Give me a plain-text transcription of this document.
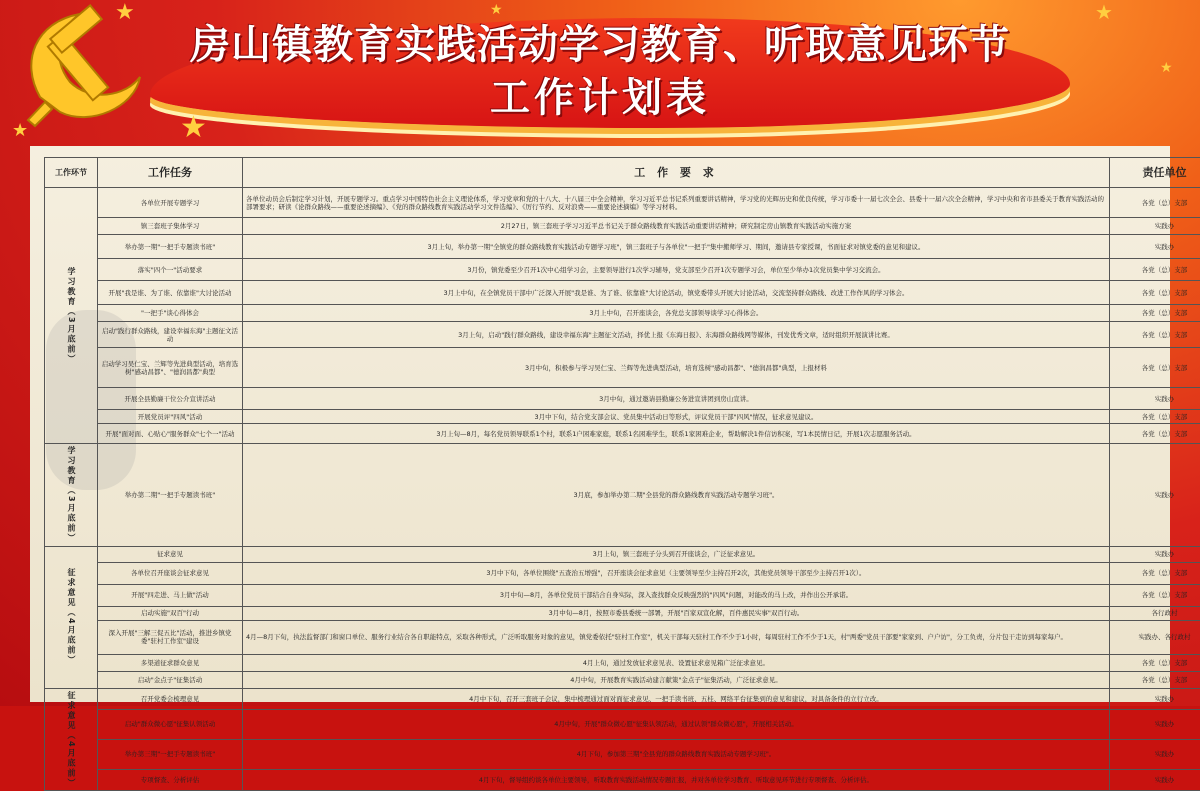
★
★
★
★
★
★
房山镇教育实践活动学习教育、听取意见环节
工作计划表
工作环节	工作任务	工 作 要 求	责任单位
学习教育（3月底前）	各单位开展专题学习	各单位动员会后制定学习计划，开展专题学习。重点学习中国特色社会主义理论体系，学习党章和党的十八大、十八届三中全会精神，学习习近平总书记系列重要讲话精神，学习党的光辉历史和优良传统，学习市委十一届七次全会、县委十一届六次全会精神，学习中央和省市县委关于教育实践活动的部署要求；研读《论群众路线——重要论述摘编》、《党的群众路线教育实践活动学习文件选编》、《厉行节约、反对浪费——重要论述摘编》等学习材料。	各党（总）支部
	镇三套班子集体学习	2月27日，镇三套班子学习习近平总书记关于群众路线教育实践活动重要讲话精神；研究制定房山镇教育实践活动实施方案	实践办
	举办第一期"一把手专题读书班"	3月上旬，举办第一期"全镇党的群众路线教育实践活动专题学习班"，镇三套班子与各单位"一把手"集中搬师学习、期间，邀请县专家授课，书面征求对镇党委的意见和建议。	实践办
	落实"四个一"活动要求	3月份，镇党委至少召开1次中心组学习会，主要领导进行1次学习辅导，党支部至少召开1次专题学习会，单位至少举办1次党员集中学习交流会。	各党（总）支部
	开展"我是谁、为了谁、依靠谁"大讨论活动	3月上中旬，在全镇党员干部中广泛深入开展"我是谁、为了谁、依靠谁"大讨论活动，镇党委带头开展大讨论活动，交流坚持群众路线、改进工作作风的学习体会。	各党（总）支部
	"一把手"谈心得体会	3月上中旬，召开座谈会，各党总支部领导谈学习心得体会。	各党（总）支部
	启动"践行群众路线，建设幸福东海"主题征文活动	3月上旬，启动"践行群众路线，建设幸福东海"主题征文活动，择优上报《东海日报》、东海群众路线网等媒体，刊发优秀文章，适时组织开展演讲比赛。	各党（总）支部
	启动学习吴仁宝、兰辉等先进典型活动，培育选树"感动昌都"、"德润昌都"典型	3月中旬，积极参与学习吴仁宝、兰辉等先进典型活动，培育选树"感动昌都"、"德润昌都"典型，上报材料	各党（总）支部
	开展全县勤廉干位公介宣讲活动	3月中旬，通过邀请县勤廉公务进宣讲团到房山宣讲。	实践办
	开展党员评"四风"活动	3月中下旬，结合党支部会议、党员集中活动日等形式，评议党员干部"四风"情况，征求意见建议。	各党（总）支部
	开展"面对面、心贴心"服务群众"七个一"活动	3月上旬—8月，每名党员领导联系1个村，联系1户困难家庭，联系1名困难学生，联系1家困难企业，帮助解决1件信访积案，写1本民情日记，开展1次志愿服务活动。	各党（总）支部
学习教育（3月底前）	举办第二期"一把手专题读书班"	3月底，参加举办第二期"全县党的群众路线教育实践活动专题学习班"。	实践办
征求意见（4月底前）	征求意见	3月上旬，镇三套班子分头到召开座谈会，广泛征求意见。	实践办
	各单位召开座谈会征求意见	3月中下旬，各单位围绕"五查治五增强"，召开座谈会征求意见（主要领导至少主持召开2次，其他党员领导干部至少主持召开1次）。	各党（总）支部
	开展"四走进、马上做"活动	3月中旬—8月，各单位党员干部结合自身实际，深入查找群众反映强烈的"四风"问题，对能改的马上改，并作出公开承诺。	各党（总）支部
	启动实施"双百"行动	3月中旬—8月，按照市委县委统一部署，开展"百家双宣化解，百件惠民实事"双百行动。	各行政村
	深入开展"三解三促五比"活动，推进乡镇党委"驻村工作室"建设	4月—8月下旬，执法监督部门和窗口单位、服务行业结合各自职能特点，采取各种形式，广泛听取服务对象的意见，镇党委依托"驻村工作室"，机关干部每天驻村工作不少于1小时，每周驻村工作不少于1天，村"两委"党员干部要"家家到、户户访"，分工负责，分片包干走访到每家每户。	实践办、各行政村
	多渠道征求群众意见	4月上旬，通过发放征求意见表、设置征求意见箱广泛征求意见。	各党（总）支部
	启动"金点子"征集活动	4月中旬，开展教育实践活动建言献策"金点子"征集活动，广泛征求意见。	各党（总）支部
征求意见（4月底前）	召开党委会梳理意见	4月中下旬，召开三套班子会议，集中梳理通过面对面征求意见、一把手读书班、五桂、网络平台征集到的意见和建议，对具备条件的立行立改。	实践办
	启动"群众微心愿"征集认领活动	4月中旬，开展"群众微心愿"征集认领活动，通过认领"群众微心愿"，开展相关活动。	实践办
	举办第三期"一把手专题读书班"	4月下旬，参加第三期"全县党的群众路线教育实践活动专题学习班"。	实践办
	专项督查、分析评估	4月下旬，督导组约谈各单位主要领导，听取教育实践活动情况专题汇报，并对各单位学习教育、听取意见环节进行专项督查、分析评估。	实践办
